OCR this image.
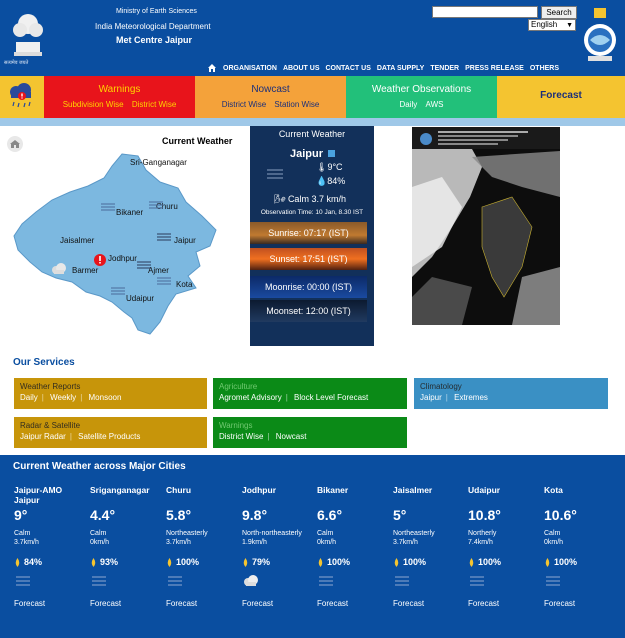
सत्यमेव जयते
Ministry of Earth Sciences
India Meteorological Department
Met Centre Jaipur
Search
English ▼
ORGANISATION ABOUT US CONTACT US DATA SUPPLY TENDER PRESS RELEASE OTHERS
Warnings
Subdivision Wise District Wise
Nowcast
District Wise Station Wise
Weather Observations
Daily AWS
Forecast
Current Weather
Sri-Ganganagar
Churu
Bikaner
Jaisalmer	Jaipur
Jodhpur
Barmer	Ajmer
Kota
Udaipur
Current Weather
Jaipur
🌡9°C
💧84%
🌬 Calm 3.7 km/h
Observation Time: 10 Jan, 8.30 IST
Sunrise: 07:17 (IST)
Sunset: 17:51 (IST)
Moonrise: 00:00 (IST)
Moonset: 12:00 (IST)
Our Services
Weather Reports
Daily | Weekly | Monsoon
Agriculture
Agromet Advisory | Block Level Forecast
Climatology
Jaipur | Extremes
Radar & Satellite
Jaipur Radar | Satellite Products
Warnings
District Wise | Nowcast
Current Weather across Major Cities
Jaipur-AMO Jaipur
9°
Calm
3.7km/h
84%
Forecast
Sriganganagar
4.4°
Calm
0km/h
93%
Forecast
Churu
5.8°
Northeasterly
3.7km/h
100%
Forecast
Jodhpur
9.8°
North-northeasterly
1.9km/h
79%
Forecast
Bikaner
6.6°
Calm
0km/h
100%
Forecast
Jaisalmer
5°
Northeasterly
3.7km/h
100%
Forecast
Udaipur
10.8°
Northerly
7.4km/h
100%
Forecast
Kota
10.6°
Calm
0km/h
100%
Forecast
